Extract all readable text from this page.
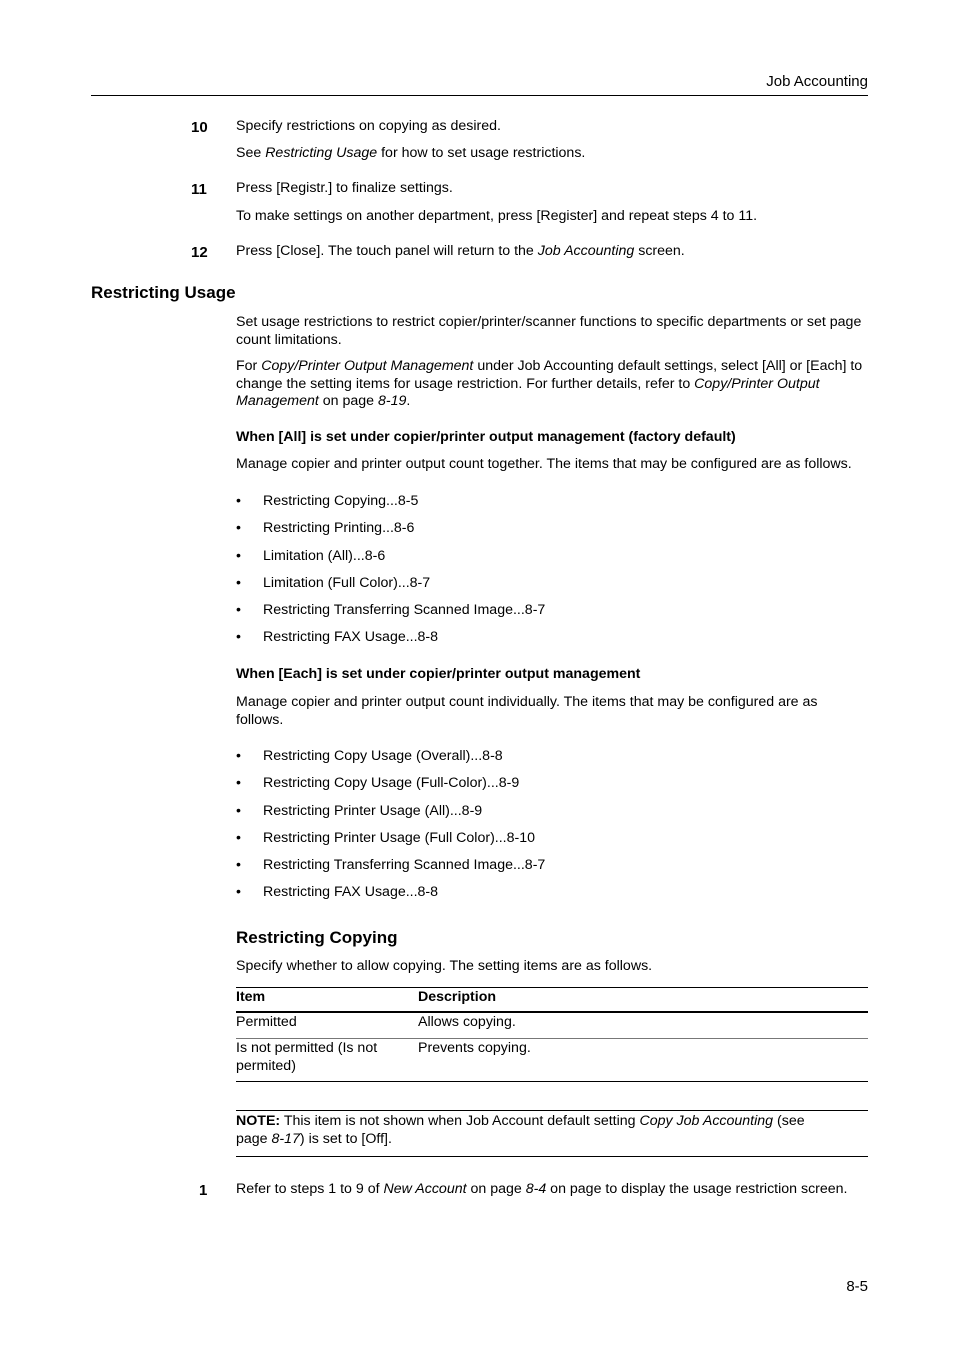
Job Accounting
10 Specify restrictions on copying as desired.
See Restricting Usage for how to set usage restrictions.
11 Press [Registr.] to finalize settings.
To make settings on another department, press [Register] and repeat steps 4 to 11.
12 Press [Close]. The touch panel will return to the Job Accounting screen.
Restricting Usage
Set usage restrictions to restrict copier/printer/scanner functions to specific departments or set page
count limitations.
For Copy/Printer Output Management under Job Accounting default settings, select [All] or [Each] to
change the setting items for usage restriction. For further details, refer to Copy/Printer Output
Management on page 8-19.
When [All] is set under copier/printer output management (factory default)
Manage copier and printer output count together. The items that may be configured are as follows.
• Restricting Copying...8-5
• Restricting Printing...8-6
• Limitation (All)...8-6
• Limitation (Full Color)...8-7
• Restricting Transferring Scanned Image...8-7
• Restricting FAX Usage...8-8
When [Each] is set under copier/printer output management
Manage copier and printer output count individually. The items that may be configured are as
follows.
• Restricting Copy Usage (Overall)...8-8
• Restricting Copy Usage (Full-Color)...8-9
• Restricting Printer Usage (All)...8-9
• Restricting Printer Usage (Full Color)...8-10
• Restricting Transferring Scanned Image...8-7
• Restricting FAX Usage...8-8
Restricting Copying
Specify whether to allow copying. The setting items are as follows.
Item	Description
Permitted	Allows copying.
Is not permitted (Is not
permited)
Prevents copying.
NOTE: This item is not shown when Job Account default setting Copy Job Accounting (see
page 8-17) is set to [Off].
1 Refer to steps 1 to 9 of New Account on page 8-4 on page to display the usage restriction screen.
8-5
